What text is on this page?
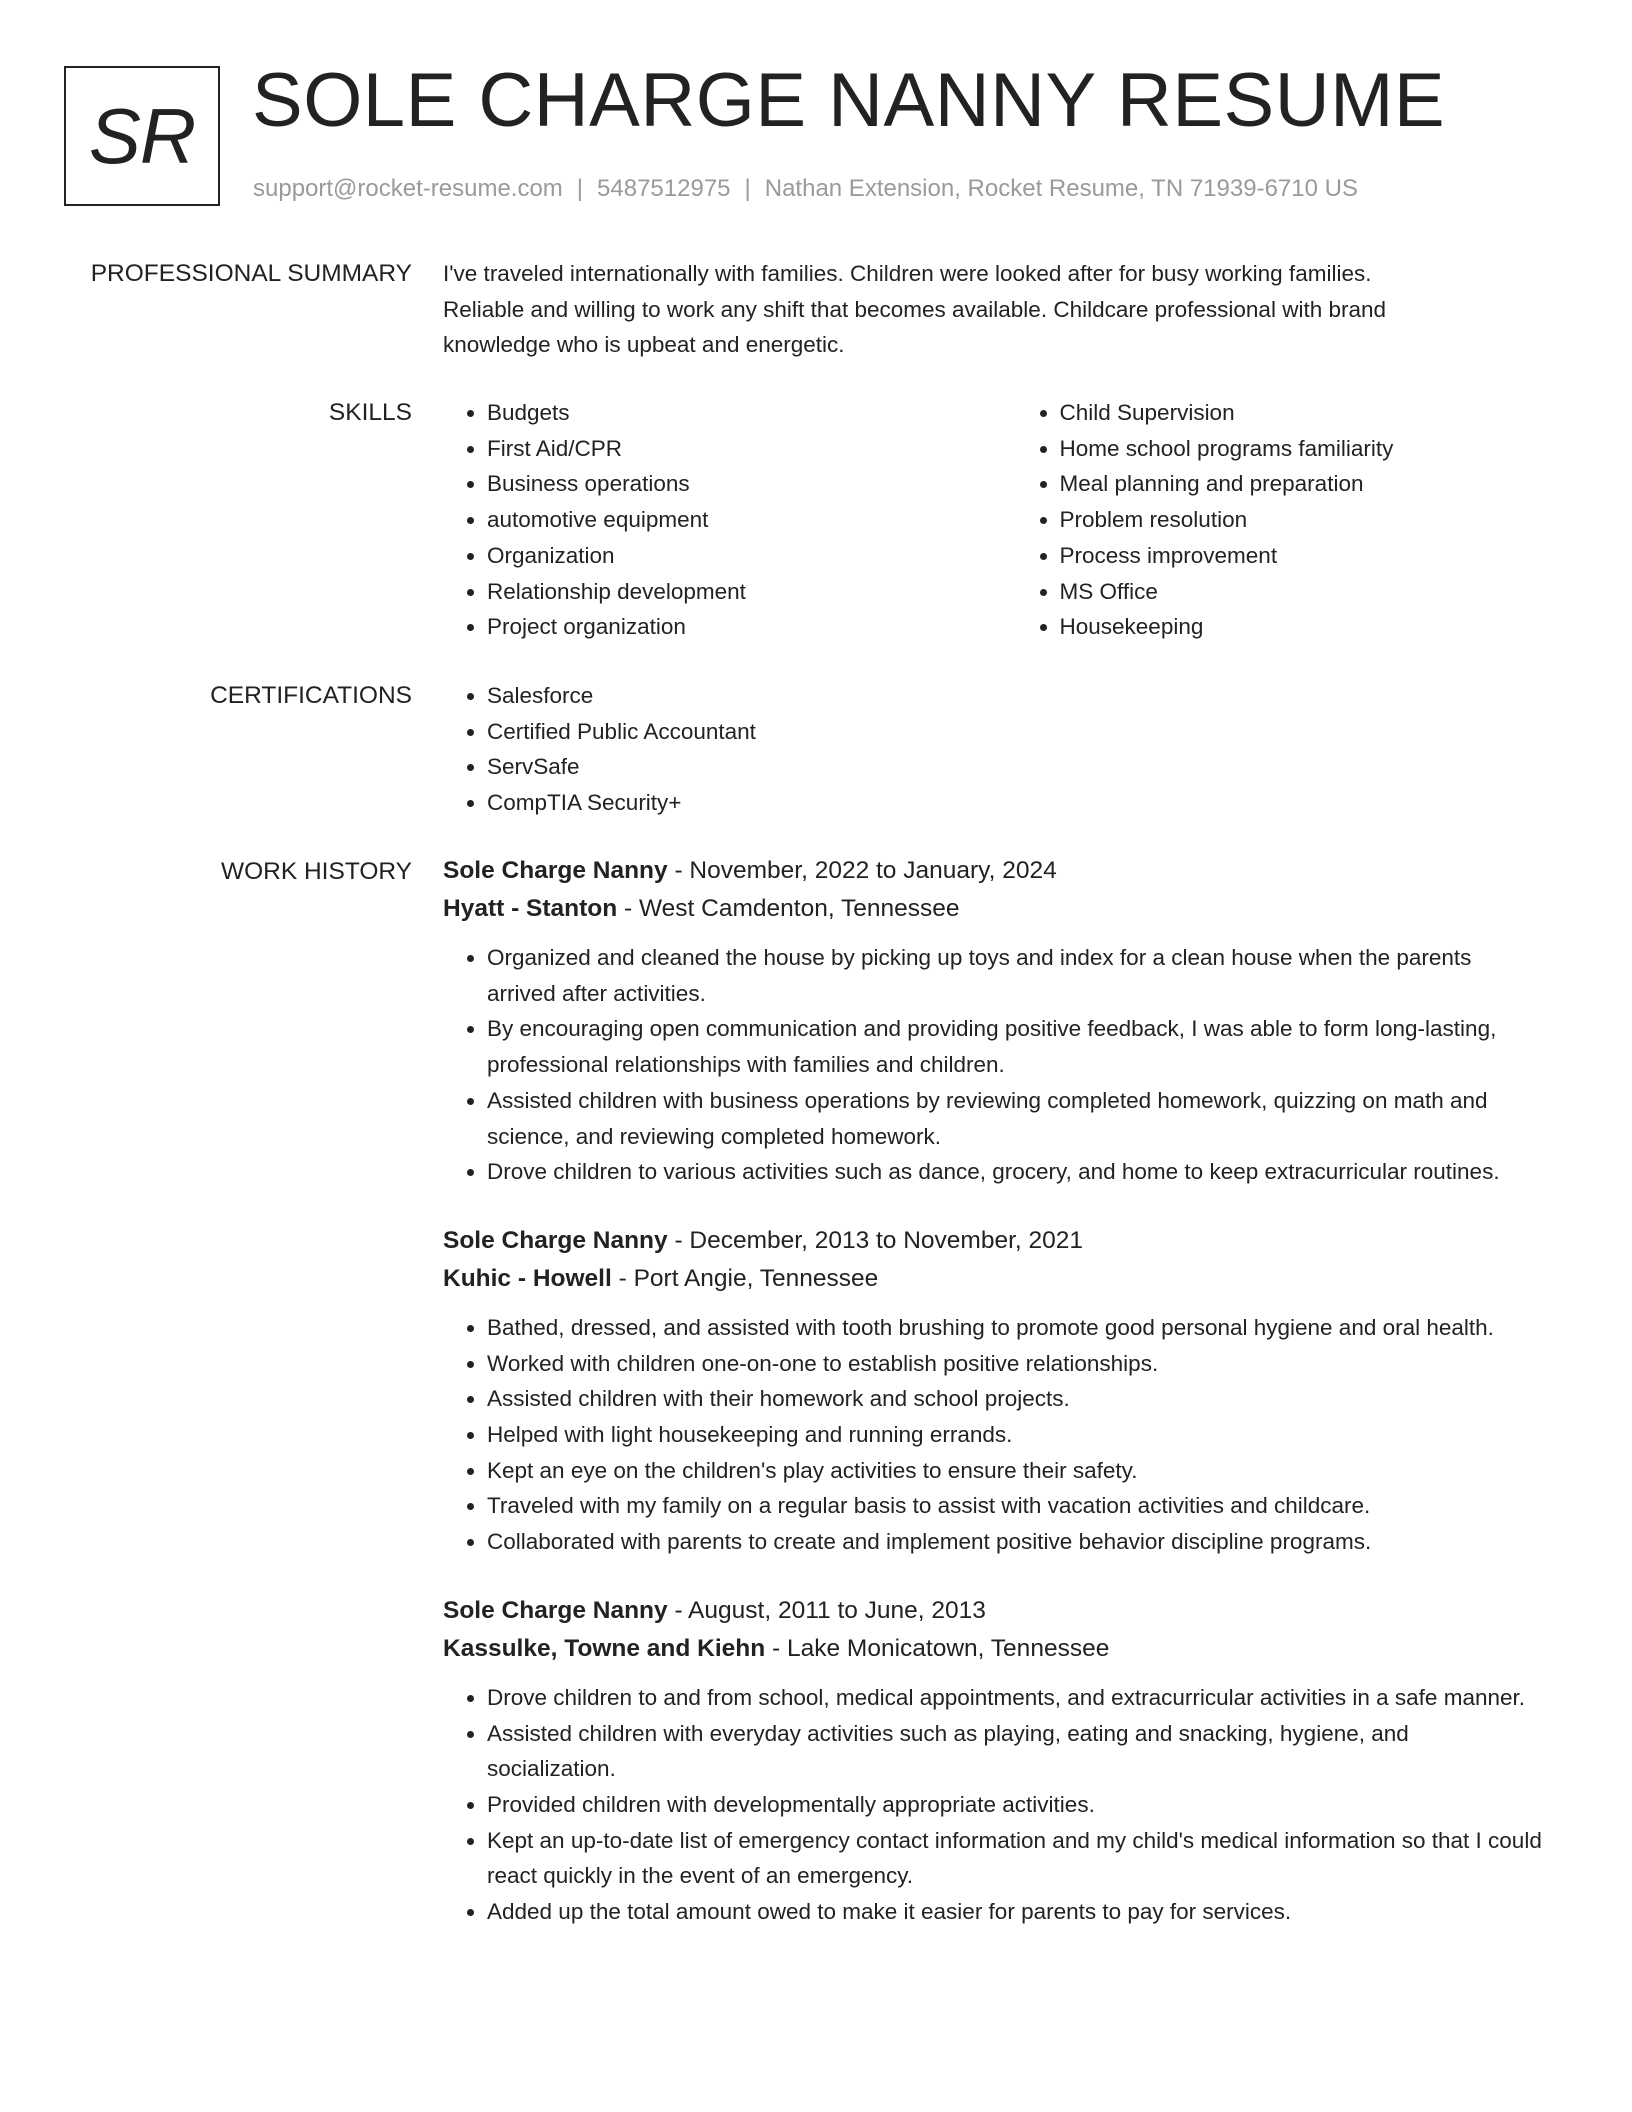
SR SOLE CHARGE NANNY RESUME
support@rocket-resume.com | 5487512975 | Nathan Extension, Rocket Resume, TN 71939-6710 US
PROFESSIONAL SUMMARY I've traveled internationally with families. Children were looked after for busy working families.

Reliable and willing to work any shift that becomes available. Childcare professional with brand

knowledge who is upbeat and energetic.

SKILLS	• Budgets
• First Aid/CPR
• Business operations
• automotive equipment
• Organization
• Relationship development
• Project organization
• Child Supervision
• Home school programs familiarity
• Meal planning and preparation
• Problem resolution
• Process improvement
• MS Office
• Housekeeping
CERTIFICATIONS	• Salesforce
• Certified Public Accountant
• ServSafe
• CompTIA Security+
WORK HISTORY Sole Charge Nanny - November, 2022 to January, 2024
Hyatt - Stanton - West Camdenton, Tennessee
• Organized and cleaned the house by picking up toys and index for a clean house when the parents arrived after activities.
• By encouraging open communication and providing positive feedback, I was able to form long-lasting, professional relationships with families and children.
• Assisted children with business operations by reviewing completed homework, quizzing on math and science, and reviewing completed homework.
• Drove children to various activities such as dance, grocery, and home to keep extracurricular routines.
Sole Charge Nanny - December, 2013 to November, 2021
Kuhic - Howell - Port Angie, Tennessee
• Bathed, dressed, and assisted with tooth brushing to promote good personal hygiene and oral health.
• Worked with children one-on-one to establish positive relationships.
• Assisted children with their homework and school projects.
• Helped with light housekeeping and running errands.
• Kept an eye on the children's play activities to ensure their safety.
• Traveled with my family on a regular basis to assist with vacation activities and childcare.
• Collaborated with parents to create and implement positive behavior discipline programs.
Sole Charge Nanny - August, 2011 to June, 2013
Kassulke, Towne and Kiehn - Lake Monicatown, Tennessee
• Drove children to and from school, medical appointments, and extracurricular activities in a safe manner.
• Assisted children with everyday activities such as playing, eating and snacking, hygiene, and socialization.
• Provided children with developmentally appropriate activities.
• Kept an up-to-date list of emergency contact information and my child's medical information so that I could react quickly in the event of an emergency.
• Added up the total amount owed to make it easier for parents to pay for services.
